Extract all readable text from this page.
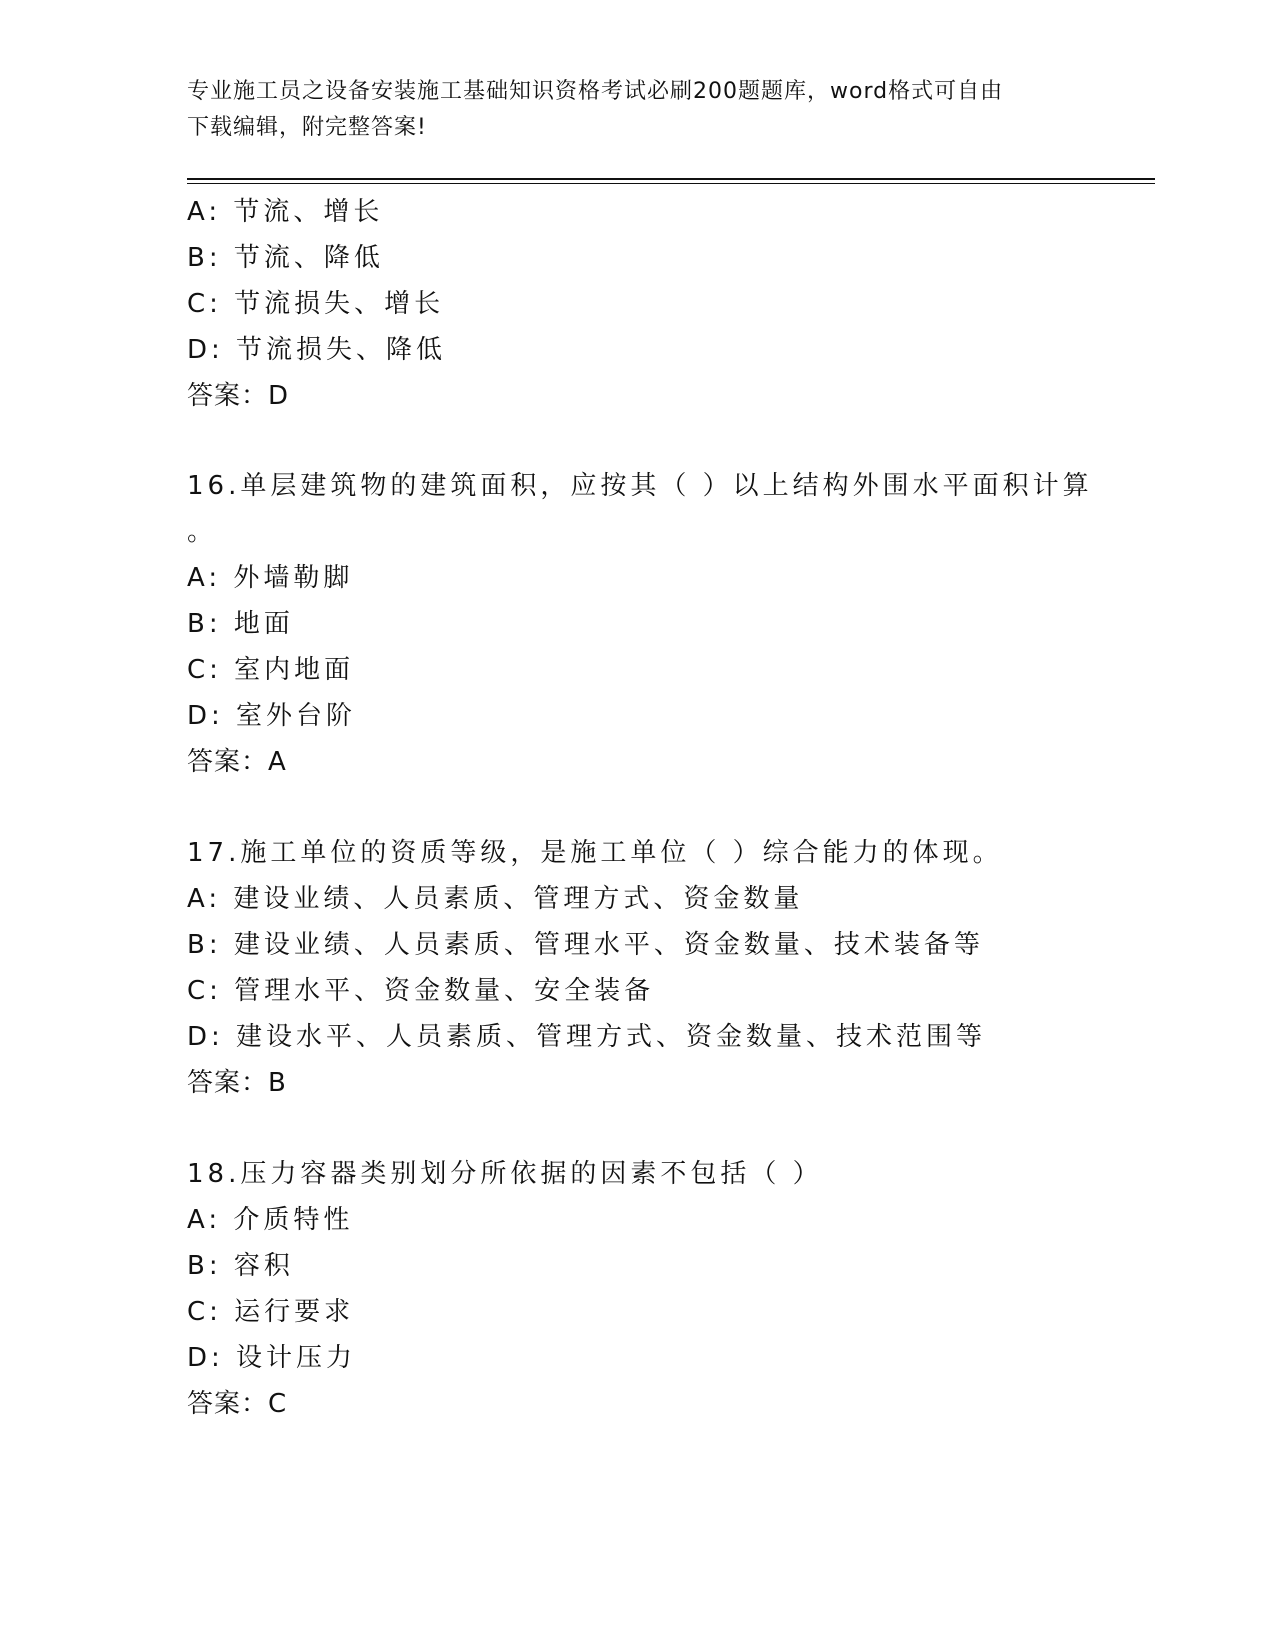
专业施工员之设备安装施工基础知识资格考试必刷200题题库，word格式可自由
下载编辑，附完整答案!
A: 节流、增长
B: 节流、降低
C: 节流损失、增长
D: 节流损失、降低
答案：D
16.单层建筑物的建筑面积，应按其（ ）以上结构外围水平面积计算
。
A: 外墙勒脚
B: 地面
C: 室内地面
D: 室外台阶
答案：A
17.施工单位的资质等级，是施工单位（ ）综合能力的体现。
A: 建设业绩、人员素质、管理方式、资金数量
B: 建设业绩、人员素质、管理水平、资金数量、技术装备等
C: 管理水平、资金数量、安全装备
D: 建设水平、人员素质、管理方式、资金数量、技术范围等
答案：B
18.压力容器类别划分所依据的因素不包括（ ）
A: 介质特性
B: 容积
C: 运行要求
D: 设计压力
答案：C
